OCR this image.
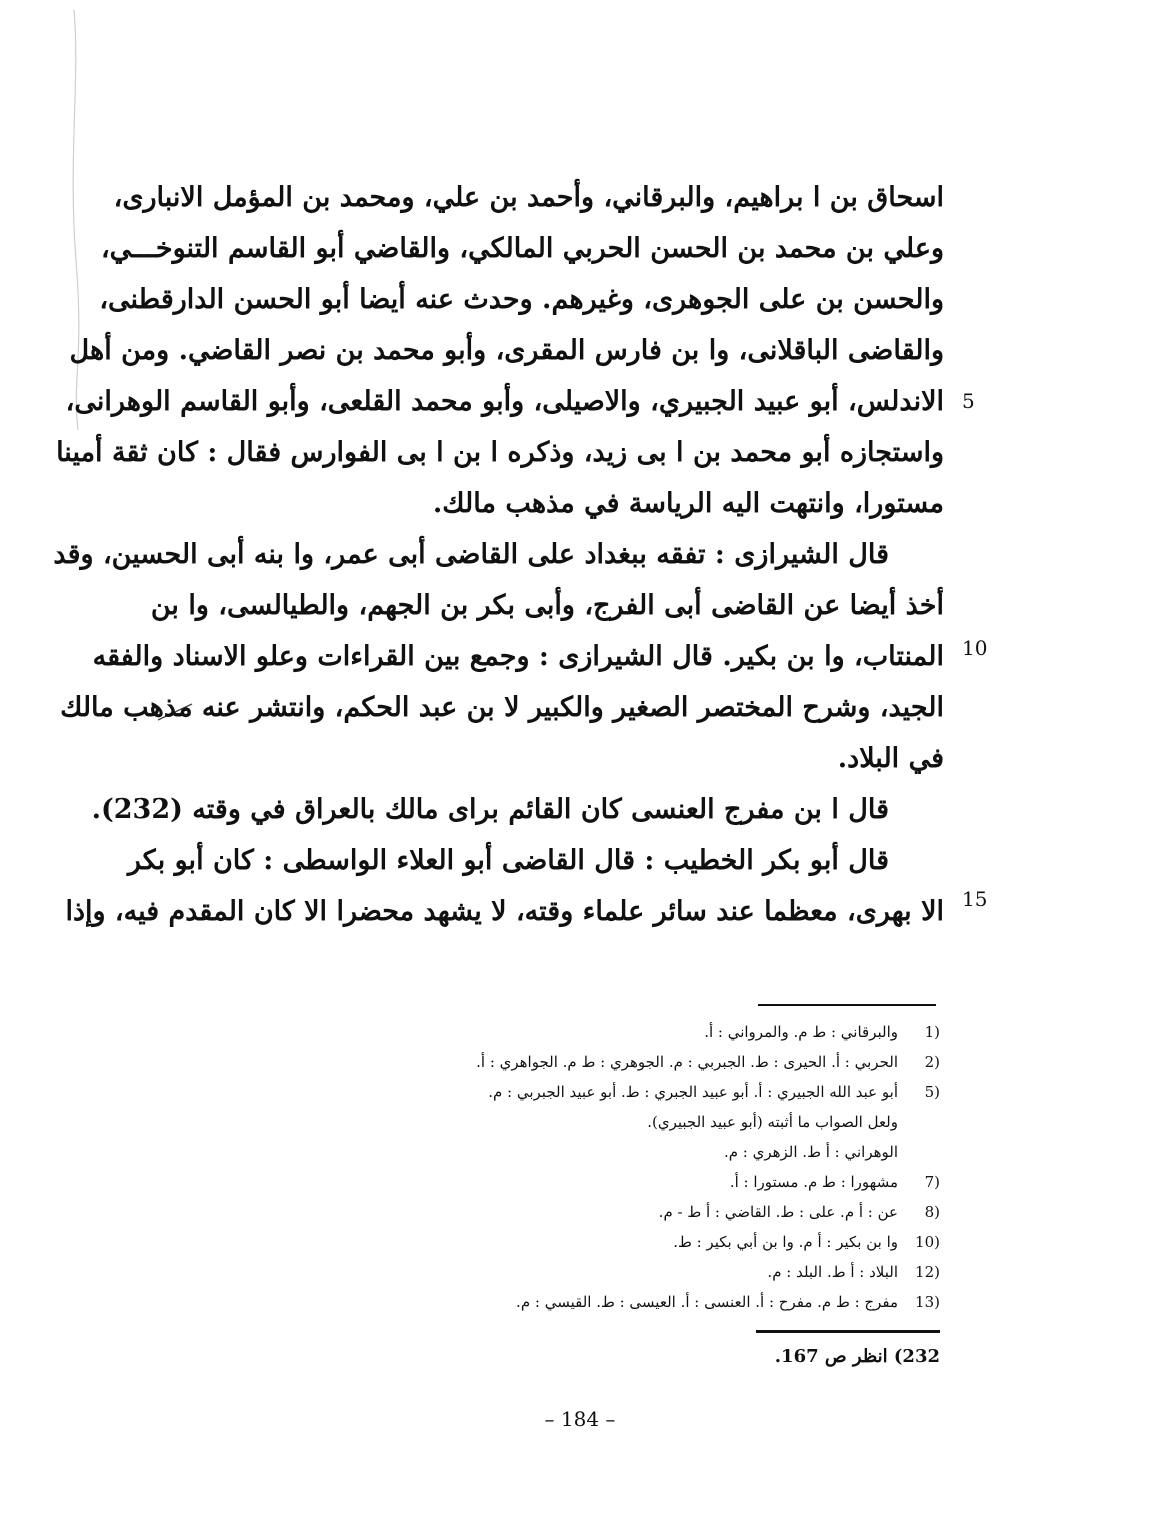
اسحاق بن ا براهيم، والبرقاني، وأحمد بن علي، ومحمد بن المؤمل الانبارى،
وعلي بن محمد بن الحسن الحربي المالكي، والقاضي أبو القاسم التنوخـــي،
والحسن بن على الجوهرى، وغيرهم. وحدث عنه أيضا أبو الحسن الدارقطنى،
والقاضى الباقلانى، وا بن فارس المقرى، وأبو محمد بن نصر القاضي. ومن أهل
الاندلس، أبو عبيد الجبيري، والاصيلى، وأبو محمد القلعى، وأبو القاسم الوهرانى،
واستجازه أبو محمد بن ا بى زيد، وذكره ا بن ا بى الفوارس فقال : كان ثقة أمينا
مستورا، وانتهت اليه الرياسة في مذهب مالك.
قال الشيرازى : تفقه ببغداد على القاضى أبى عمر، وا بنه أبى الحسين، وقد
أخذ أيضا عن القاضى أبى الفرج، وأبى بكر بن الجهم، والطيالسى، وا بن
المنتاب، وا بن بكير. قال الشيرازى : وجمع بين القراءات وعلو الاسناد والفقه
الجيد، وشرح المختصر الصغير والكبير لا بن عبد الحكم، وانتشر عنه مذهب مالك
في البلاد.
قال ا بن مفرج العنسى كان القائم براى مالك بالعراق في وقته (232).
قال أبو بكر الخطيب : قال القاضى أبو العلاء الواسطى : كان أبو بكر
الا بهرى، معظما عند سائر علماء وقته، لا يشهد محضرا الا كان المقدم فيه، وإذا
5
10
15
1)والبرقاني : ط م. والمرواني : أ.
2)الحربي : أ. الحيرى : ط. الجبربي : م. الجوهري : ط م. الجواهري : أ.
5)أبو عبد الله الجبيري : أ. أبو عبيد الجبري : ط. أبو عبيد الجبربي : م.
ولعل الصواب ما أثبته (أبو عبيد الجبيري).
الوهراني : أ ط. الزهري : م.
7)مشهورا : ط م. مستورا : أ.
8)عن : أ م. على : ط. القاضي : أ ط - م.
10)وا بن بكير : أ م. وا بن أبي بكير : ط.
12)البلاد : أ ط. البلد : م.
13)مفرج : ط م. مفرح : أ. العنسى : أ. العيسى : ط. القيسي : م.
232) انظر ص 167.
– 184 –
